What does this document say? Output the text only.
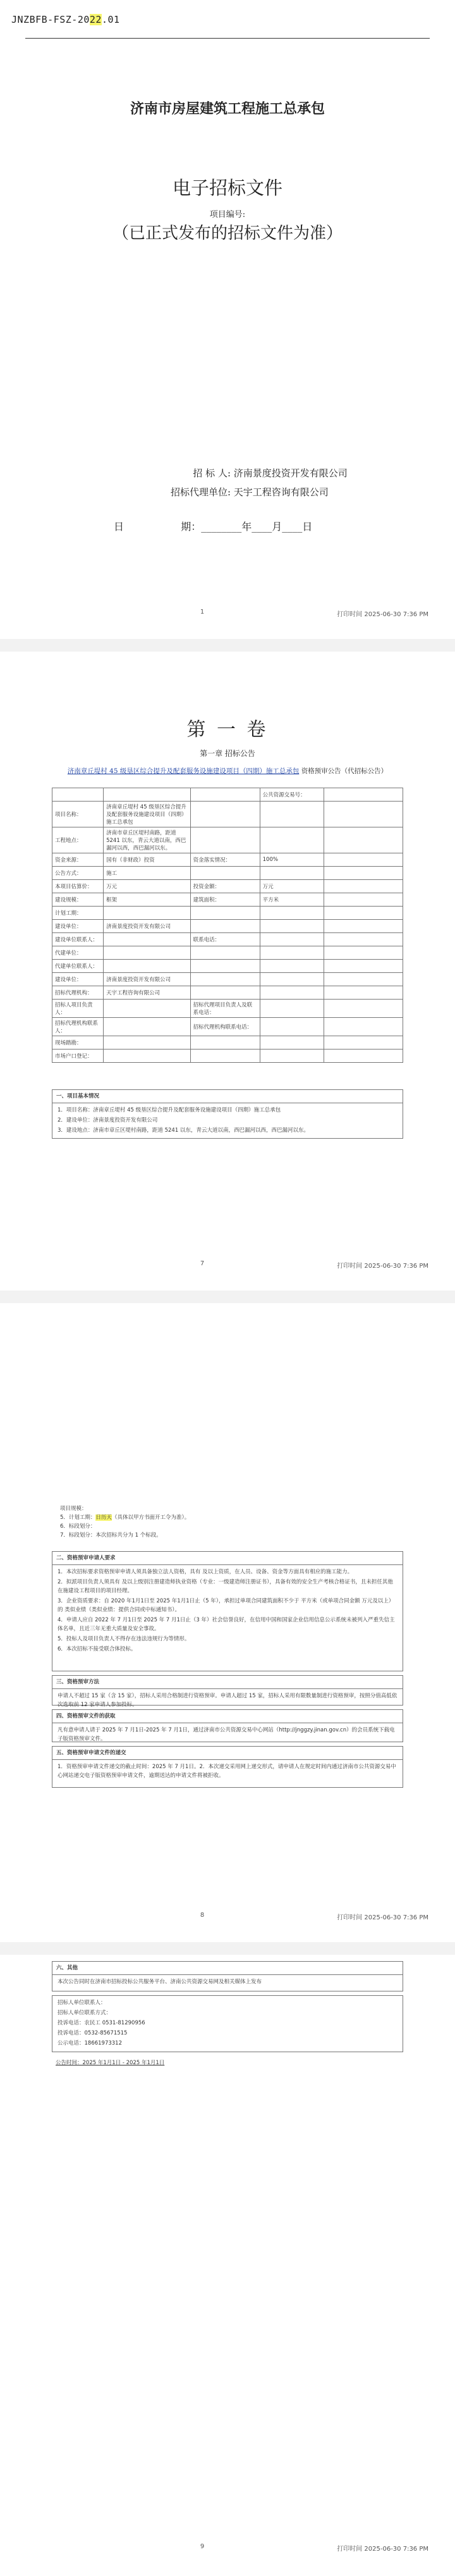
JNZBFB-FSZ-2022.01
济南市房屋建筑工程施工总承包
电子招标文件
项目编号:
（已正式发布的招标文件为准）
招 标 人: 济南景度投资开发有限公司
招标代理单位: 天宇工程咨询有限公司
日	期：________年____月____日
1	打印时间 2025-06-30 7:36 PM
第 一 卷
第一章 招标公告
济南章丘堤村 45 级垦区综合提升及配套服务设施建设项目（四期）施工总承包 资格预审公告（代招标公告）
			公共资源交易号：	
项目名称：	济南章丘堤村 45 级垦区综合提升及配套服务设施建设项目（四期）施工总承包			
工程地点：	济南市章丘区堤村南路，距道 5241 以东，青云大道以南，西巴漏河以西，西巴漏河以东。			
资金来源：	国有（非财政）投资	资金落实情况：	100%	
公告方式：	施工			
本项目估算价：	万元	投资金额：	万元	
建设规模：	框架	建筑面积：	平方米	
计划工期：				
建设单位：	济南景度投资开发有限公司			
建设单位联系人：		联系电话：		
代建单位：				
代建单位联系人：				
建设单位：	济南景度投资开发有限公司			
招标代理机构：	天宇工程咨询有限公司			
招标人项目负责人：		招标代理项目负责人及联系电话：		
招标代理机构联系人：		招标代理机构联系电话：		
现场踏勘：				
市场户口登记：				
一、项目基本情况

1．项目名称：济南章丘堤村 45 级垦区综合提升及配套服务设施建设项目（四期）施工总承包

2．建设单位：济南景度投资开发有限公司

3．建设地点：济南市章丘区堤村南路，距道 5241 以东，青云大道以南，西巴漏河以西，西巴漏河以东。

7	打印时间 2025-06-30 7:36 PM

项目规模：

5．计划工期：日历天（具体以甲方书面开工令为准）。

6．标段划分：

7．标段划分：本次招标共分为 1 个标段。

二、资格预审申请人要求

1．本次招标要求资格预审申请人须具备独立法人资格，具有 及以上资质，在人员、设备、资金等方面具有相应的施工能力。

2．拟派项目负责人须具有 及以上级别注册建造师执业资格（专业：一级建造师注册证书），具备有效的安全生产考核合格证书，且未担任其他在施建设工程项目的项目经理。

3．企业资质要求：自 2020 年1月1日至 2025 年1月1日止（5 年），承担过单项合同建筑面积不少于 平方米（或单项合同金额 万元及以上）的 类似业绩（类似业绩：提供合同或中标通知书）。

4．申请人应自 2022 年 7 月1日至 2025 年 7 月1日止（3 年）社会信誉良好，在信用中国和国家企业信用信息公示系统未被列入严重失信主体名单，且近三年无重大质量及安全事故。

5．投标人及项目负责人不得存在违法违规行为等情形。

6．本次招标不接受联合体投标。

三、资格预审方法
申请人不超过 15 家（含 15 家），招标人采用合格制进行资格预审。申请人超过 15 家，招标人采用有限数量制进行资格预审，按照分值高低依次选取前 12 家申请人参加投标。
四、资格预审文件的获取
凡有意申请人请于 2025 年 7 月1日-2025 年 7 月1日，通过济南市公共资源交易中心网站（http://jnggzy.jinan.gov.cn）的会员系统下载电子版资格预审文件。
五、资格预审申请文件的递交
1．资格预审申请文件递交的截止时间：2025 年 7 月1日。2．本次递交采用网上递交形式，请申请人在规定时间内通过济南市公共资源交易中心网站递交电子版资格预审申请文件，逾期送达的申请文件将被拒收。
8	打印时间 2025-06-30 7:36 PM
六、其他
本次公告同时在济南市招标投标公共服务平台、济南公共资源交易网及相关媒体上发布

招标人单位联系人：

招标人单位联系方式：

投诉电话：农民工 0531-81290956

投诉电话：0532-85671515

公示电话：18661973312

公告时间：2025 年1月1日 - 2025 年1月1日

9	打印时间 2025-06-30 7:36 PM
